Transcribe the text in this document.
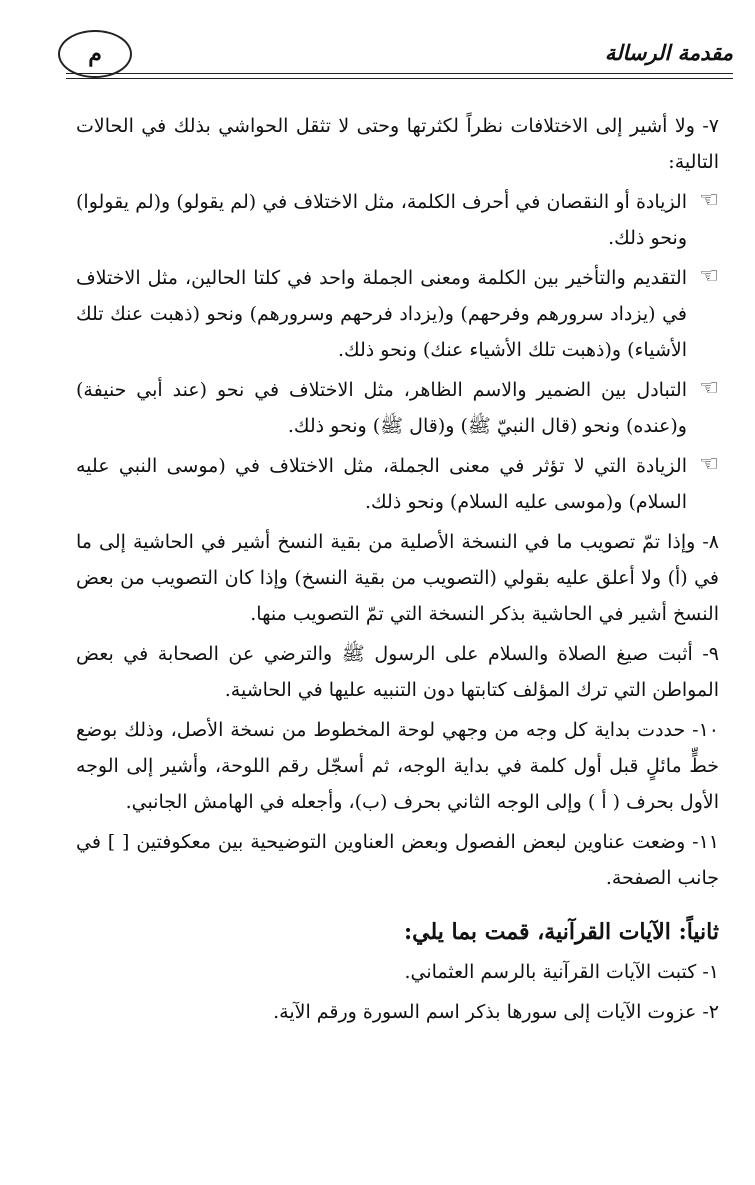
مقدمة الرسالة
م

٧- ولا أشير إلى الاختلافات نظراً لكثرتها وحتى لا تثقل الحواشي بذلك في الحالات التالية:

☜
الزيادة أو النقصان في أحرف الكلمة، مثل الاختلاف في (لم يقولو) و(لم يقولوا) ونحو ذلك.

☜
التقديم والتأخير بين الكلمة ومعنى الجملة واحد في كلتا الحالين، مثل الاختلاف في (يزداد سرورهم وفرحهم) و(يزداد فرحهم وسرورهم) ونحو (ذهبت عنك تلك الأشياء) و(ذهبت تلك الأشياء عنك) ونحو ذلك.

☜
التبادل بين الضمير والاسم الظاهر، مثل الاختلاف في نحو (عند أبي حنيفة) و(عنده) ونحو (قال النبيّ ﷺ) و(قال ﷺ) ونحو ذلك.

☜
الزيادة التي لا تؤثر في معنى الجملة، مثل الاختلاف في (موسى النبي عليه السلام) و(موسى عليه السلام) ونحو ذلك.

٨- وإذا تمّ تصويب ما في النسخة الأصلية من بقية النسخ أشير في الحاشية إلى ما في (أ) ولا أعلق عليه بقولي (التصويب من بقية النسخ) وإذا كان التصويب من بعض النسخ أشير في الحاشية بذكر النسخة التي تمّ التصويب منها.

٩- أثبت صيغ الصلاة والسلام على الرسول ﷺ والترضي عن الصحابة في بعض المواطن التي ترك المؤلف كتابتها دون التنبيه عليها في الحاشية.

١٠- حددت بداية كل وجه من وجهي لوحة المخطوط من نسخة الأصل، وذلك بوضع خطٍّ مائلٍ قبل أول كلمة في بداية الوجه، ثم أسجّل رقم اللوحة، وأشير إلى الوجه الأول بحرف ( أ ) وإلى الوجه الثاني بحرف (ب)، وأجعله في الهامش الجانبي.

١١- وضعت عناوين لبعض الفصول وبعض العناوين التوضيحية بين معكوفتين [ ] في جانب الصفحة.

ثانياً: الآيات القرآنية، قمت بما يلي:

١- كتبت الآيات القرآنية بالرسم العثماني.

٢- عزوت الآيات إلى سورها بذكر اسم السورة ورقم الآية.
